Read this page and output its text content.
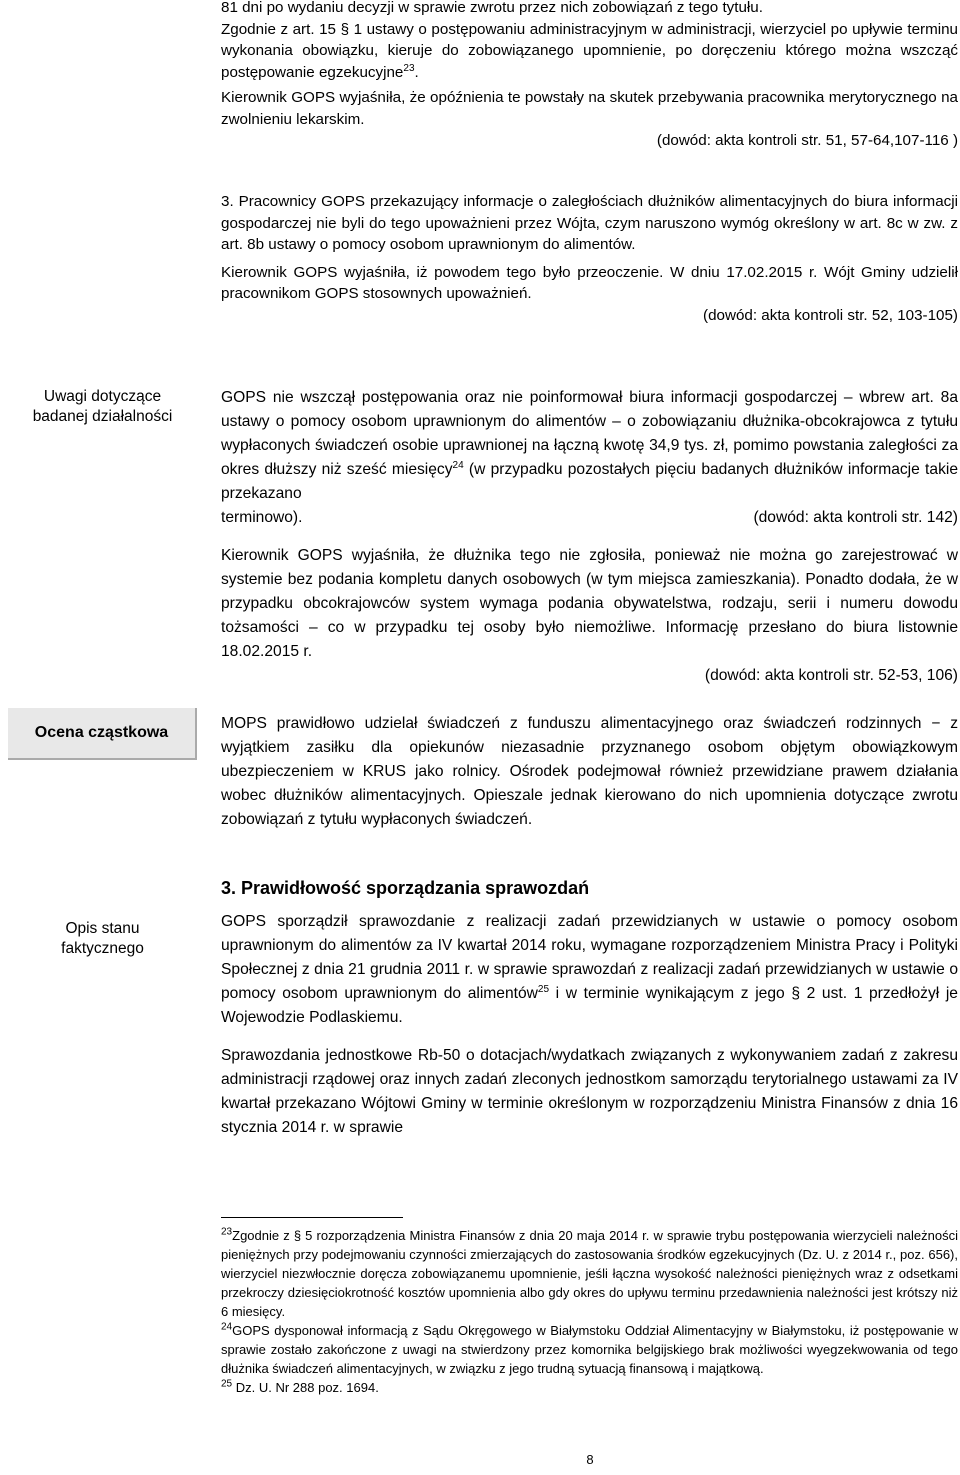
Uwagi dotyczące
badanej działalności
Ocena cząstkowa
Opis stanu
faktycznego

81 dni po wydaniu decyzji w sprawie zwrotu przez nich zobowiązań z tego tytułu.

Zgodnie z art. 15 § 1 ustawy o postępowaniu administracyjnym w administracji, wierzyciel po upływie terminu wykonania obowiązku, kieruje do zobowiązanego upomnienie, po doręczeniu którego można wszcząć postępowanie egzekucyjne$^{23}$.

Kierownik GOPS wyjaśniła, że opóźnienia te powstały na skutek przebywania pracownika merytorycznego na zwolnieniu lekarskim.

(dowód: akta kontroli str. 51, 57-64,107-116 )

3. Pracownicy GOPS przekazujący informacje o zaległościach dłużników alimentacyjnych do biura informacji gospodarczej nie byli do tego upoważnieni przez Wójta, czym naruszono wymóg określony w art. 8c w zw. z art. 8b ustawy o pomocy osobom uprawnionym do alimentów.

Kierownik GOPS wyjaśniła, iż powodem tego było przeoczenie. W dniu 17.02.2015 r. Wójt Gminy udzielił pracownikom GOPS stosownych upoważnień.

(dowód: akta kontroli str. 52, 103-105)

GOPS nie wszczął postępowania oraz nie poinformował biura informacji gospodarczej – wbrew art. 8a ustawy o pomocy osobom uprawnionym do alimentów – o zobowiązaniu dłużnika-obcokrajowca z tytułu wypłaconych świadczeń osobie uprawnionej na łączną kwotę 34,9 tys. zł, pomimo powstania zaległości za okres dłuższy niż sześć miesięcy$^{24}$ (w przypadku pozostałych pięciu badanych dłużników informacje takie przekazano

terminowo).	(dowód: akta kontroli str. 142)

Kierownik GOPS wyjaśniła, że dłużnika tego nie zgłosiła, ponieważ nie można go zarejestrować w systemie bez podania kompletu danych osobowych (w tym miejsca zamieszkania). Ponadto dodała, że w przypadku obcokrajowców system wymaga podania obywatelstwa, rodzaju, serii i numeru dowodu tożsamości – co w przypadku tej osoby było niemożliwe. Informację przesłano do biura listownie 18.02.2015 r.

(dowód: akta kontroli str. 52-53, 106)

MOPS prawidłowo udzielał świadczeń z funduszu alimentacyjnego oraz świadczeń rodzinnych − z wyjątkiem zasiłku dla opiekunów niezasadnie przyznanego osobom objętym obowiązkowym ubezpieczeniem w KRUS jako rolnicy. Ośrodek podejmował również przewidziane prawem działania wobec dłużników alimentacyjnych. Opieszale jednak kierowano do nich upomnienia dotyczące zwrotu zobowiązań z tytułu wypłaconych świadczeń.

3. Prawidłowość sporządzania sprawozdań

GOPS sporządził sprawozdanie z realizacji zadań przewidzianych w ustawie o pomocy osobom uprawnionym do alimentów za IV kwartał 2014 roku, wymagane rozporządzeniem Ministra Pracy i Polityki Społecznej z dnia 21 grudnia 2011 r. w sprawie sprawozdań z realizacji zadań przewidzianych w ustawie o pomocy osobom uprawnionym do alimentów$^{25}$ i w terminie wynikającym z jego § 2 ust. 1 przedłożył je Wojewodzie Podlaskiemu.

Sprawozdania jednostkowe Rb-50 o dotacjach/wydatkach związanych z wykonywaniem zadań z zakresu administracji rządowej oraz innych zadań zleconych jednostkom samorządu terytorialnego ustawami za IV kwartał przekazano Wójtowi Gminy w terminie określonym w rozporządzeniu Ministra Finansów z dnia 16 stycznia 2014 r. w sprawie

$^{23}$Zgodnie z § 5 rozporządzenia Ministra Finansów z dnia 20 maja 2014 r. w sprawie trybu postępowania wierzycieli należności pieniężnych przy podejmowaniu czynności zmierzających do zastosowania środków egzekucyjnych (Dz. U. z 2014 r., poz. 656), wierzyciel niezwłocznie doręcza zobowiązanemu upomnienie, jeśli łączna wysokość należności pieniężnych wraz z odsetkami przekroczy dziesięciokrotność kosztów upomnienia albo gdy okres do upływu terminu przedawnienia należności jest krótszy niż 6 miesięcy.

$^{24}$GOPS dysponował informacją z Sądu Okręgowego w Białymstoku Oddział Alimentacyjny w Białymstoku, iż postępowanie w sprawie zostało zakończone z uwagi na stwierdzony przez komornika belgijskiego brak możliwości wyegzekwowania od tego dłużnika świadczeń alimentacyjnych, w związku z jego trudną sytuacją finansową i majątkową.

$^{25}$ Dz. U. Nr 288 poz. 1694.

8
